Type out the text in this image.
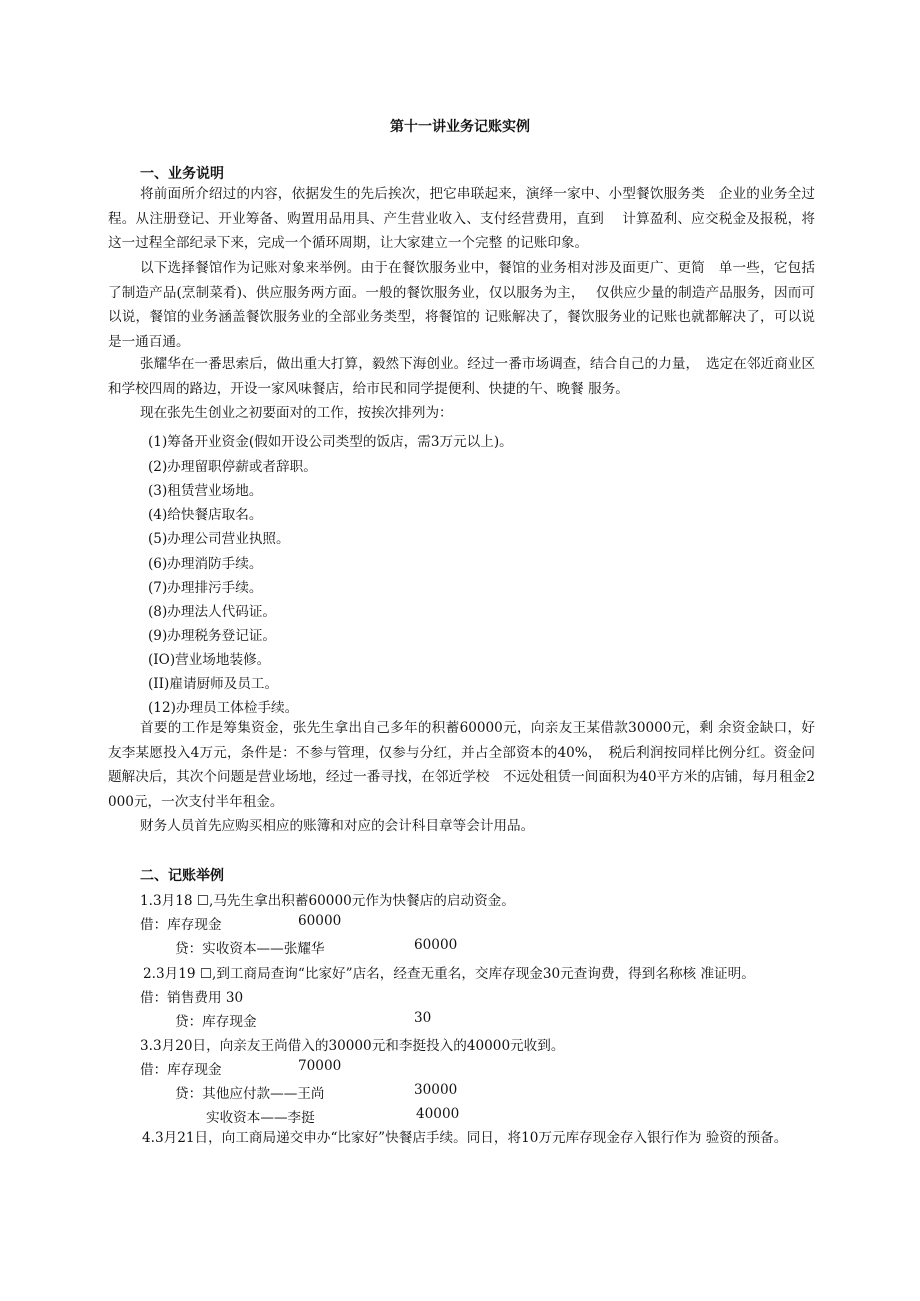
第十一讲业务记账实例
一、业务说明

将前面所介绍过的内容，依据发生的先后挨次，把它串联起来，演绎一家中、小型餐饮服务类　企业的业务全过程。从注册登记、开业筹备、购置用品用具、产生营业收入、支付经营费用，直到　 计算盈利、应交税金及报税，将这一过程全部纪录下来，完成一个循环周期，让大家建立一个完整 的记账印象。

以下选择餐馆作为记账对象来举例。由于在餐饮服务业中，餐馆的业务相对涉及面更广、更简　单一些，它包括了制造产品(烹制菜肴)、供应服务两方面。一般的餐饮服务业，仅以服务为主，　 仅供应少量的制造产品服务，因而可以说，餐馆的业务涵盖餐饮服务业的全部业务类型，将餐馆的 记账解决了，餐饮服务业的记账也就都解决了，可以说是一通百通。

张耀华在一番思索后，做出重大打算，毅然下海创业。经过一番市场调查，结合自己的力量，　选定在邻近商业区和学校四周的路边，开设一家风味餐店，给市民和同学提便利、快捷的午、晚餐 服务。

现在张先生创业之初要面对的工作，按挨次排列为：

(1)筹备开业资金(假如开设公司类型的饭店，需3万元以上)。
(2)办理留职停薪或者辞职。
(3)租赁营业场地。
(4)给快餐店取名。
(5)办理公司营业执照。
(6)办理消防手续。
(7)办理排污手续。
(8)办理法人代码证。
(9)办理税务登记证。
(IO)营业场地装修。
(II)雇请厨师及员工。
(12)办理员工体检手续。

首要的工作是筹集资金，张先生拿出自己多年的积蓄60000元，向亲友王某借款30000元，剩 余资金缺口，好友李某愿投入4万元，条件是：不参与管理，仅参与分红，并占全部资本的40%，　税后利润按同样比例分红。资金问题解决后，其次个问题是营业场地，经过一番寻找，在邻近学校　不远处租赁一间面积为40平方米的店铺，每月租金2 000元，一次支付半年租金。

财务人员首先应购买相应的账簿和对应的会计科目章等会计用品。

二、记账举例
1.3月18 ☐,马先生拿出积蓄60000元作为快餐店的启动资金。
借：库存现金	60000
贷：实收资本——张耀华	60000
2.3月19 ☐,到工商局查询“比家好”店名，经查无重名，交库存现金30元查询费，得到名称核 准证明。
借：销售费用 30
贷：库存现金	30
3.3月20日，向亲友王尚借入的30000元和李挺投入的40000元收到。
借：库存现金	70000
贷：其他应付款——王尚	30000
实收资本——李挺	40000

4.3月21日，向工商局递交申办“比家好”快餐店手续。同日，将10万元库存现金存入银行作为 验资的预备。
